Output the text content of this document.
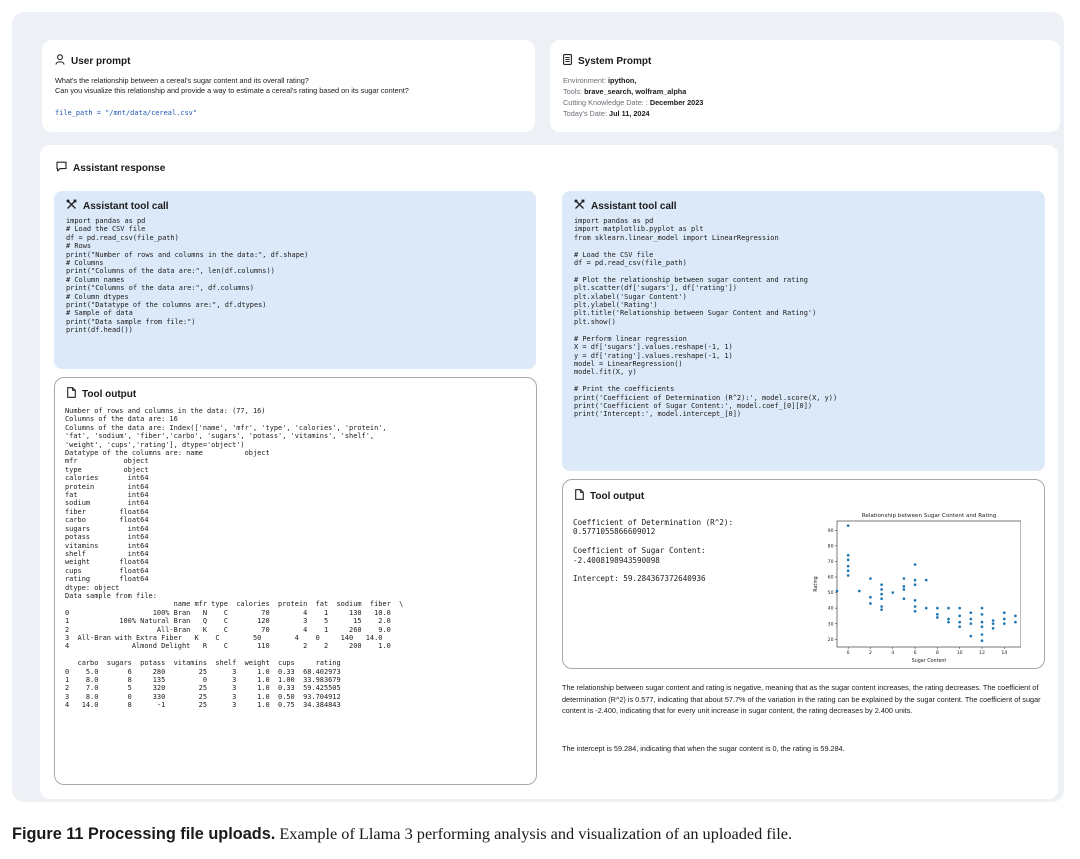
User prompt
What's the relationship between a cereal's sugar content and its overall rating?
Can you visualize this relationship and provide a way to estimate a cereal's rating based on its sugar content?
file_path = "/mnt/data/cereal.csv"
System Prompt
Environment: ipython,
Tools: brave_search, wolfram_alpha
Cutting Knowledge Date: : December 2023
Today's Date: Jul 11, 2024
Assistant response
Assistant tool call
import pandas as pd
# Load the CSV file
df = pd.read_csv(file_path)
# Rows
print("Number of rows and columns in the data:", df.shape)
# Columns
print("Columns of the data are:", len(df.columns))
# Column names
print("Columns of the data are:", df.columns)
# Column dtypes
print("Datatype of the columns are:", df.dtypes)
# Sample of data
print("Data sample from file:")
print(df.head())
Tool output
Number of rows and columns in the data: (77, 16)
Columns of the data are: 16
Columns of the data are: Index(['name', 'mfr', 'type', 'calories', 'protein',
'fat', 'sodium', 'fiber','carbo', 'sugars', 'potass', 'vitamins', 'shelf',
'weight', 'cups','rating'], dtype='object')
Datatype of the columns are: name          object
mfr           object
type          object
calories       int64
protein        int64
fat            int64
sodium         int64
fiber        float64
carbo        float64
sugars         int64
potass         int64
vitamins       int64
shelf          int64
weight       float64
cups         float64
rating       float64
dtype: object
Data sample from file:
name mfr type  calories  protein  fat  sodium  fiber  \
0                    100% Bran   N    C        70        4    1     130   10.0
1            100% Natural Bran   Q    C       120        3    5      15    2.0
2                     All-Bran   K    C        70        4    1     260    9.0
3  All-Bran with Extra Fiber   K    C        50        4    0     140   14.0
4               Almond Delight   R    C       110        2    2     200    1.0

carbo  sugars  potass  vitamins  shelf  weight  cups     rating
0    5.0       6     280        25      3     1.0  0.33  68.402973
1    8.0       8     135         0      3     1.0  1.00  33.983679
2    7.0       5     320        25      3     1.0  0.33  59.425505
3    8.0       0     330        25      3     1.0  0.50  93.704912
4   14.0       8      -1        25      3     1.0  0.75  34.384843
Assistant tool call
import pandas as pd
import matplotlib.pyplot as plt
from sklearn.linear_model import LinearRegression

# Load the CSV file
df = pd.read_csv(file_path)

# Plot the relationship between sugar content and rating
plt.scatter(df['sugars'], df['rating'])
plt.xlabel('Sugar Content')
plt.ylabel('Rating')
plt.title('Relationship between Sugar Content and Rating')
plt.show()

# Perform linear regression
X = df['sugars'].values.reshape(-1, 1)
y = df['rating'].values.reshape(-1, 1)
model = LinearRegression()
model.fit(X, y)

# Print the coefficients
print('Coefficient of Determination (R^2):', model.score(X, y))
print('Coefficient of Sugar Content:', model.coef_[0][0])
print('Intercept:', model.intercept_[0])
Tool output
Coefficient of Determination (R^2):
0.5771055866609012

Coefficient of Sugar Content:
-2.4008198943590098

Intercept: 59.284367372640936
Relationship between Sugar Content and Rating
0	2	4	6	8	10	12	14
20
30
40
50
60
70
80
90
Sugar Content
Rating
The relationship between sugar content and rating is negative, meaning that as the sugar content increases, the rating decreases. The coefficient of determination (R^2) is 0.577, indicating that about 57.7% of the variation in the rating can be explained by the sugar content. The coefficient of sugar content is -2.400, indicating that for every unit increase in sugar content, the rating decreases by 2.400 units.
The intercept is 59.284, indicating that when the sugar content is 0, the rating is 59.284.
Figure 11 Processing file uploads. Example of Llama 3 performing analysis and visualization of an uploaded file.
